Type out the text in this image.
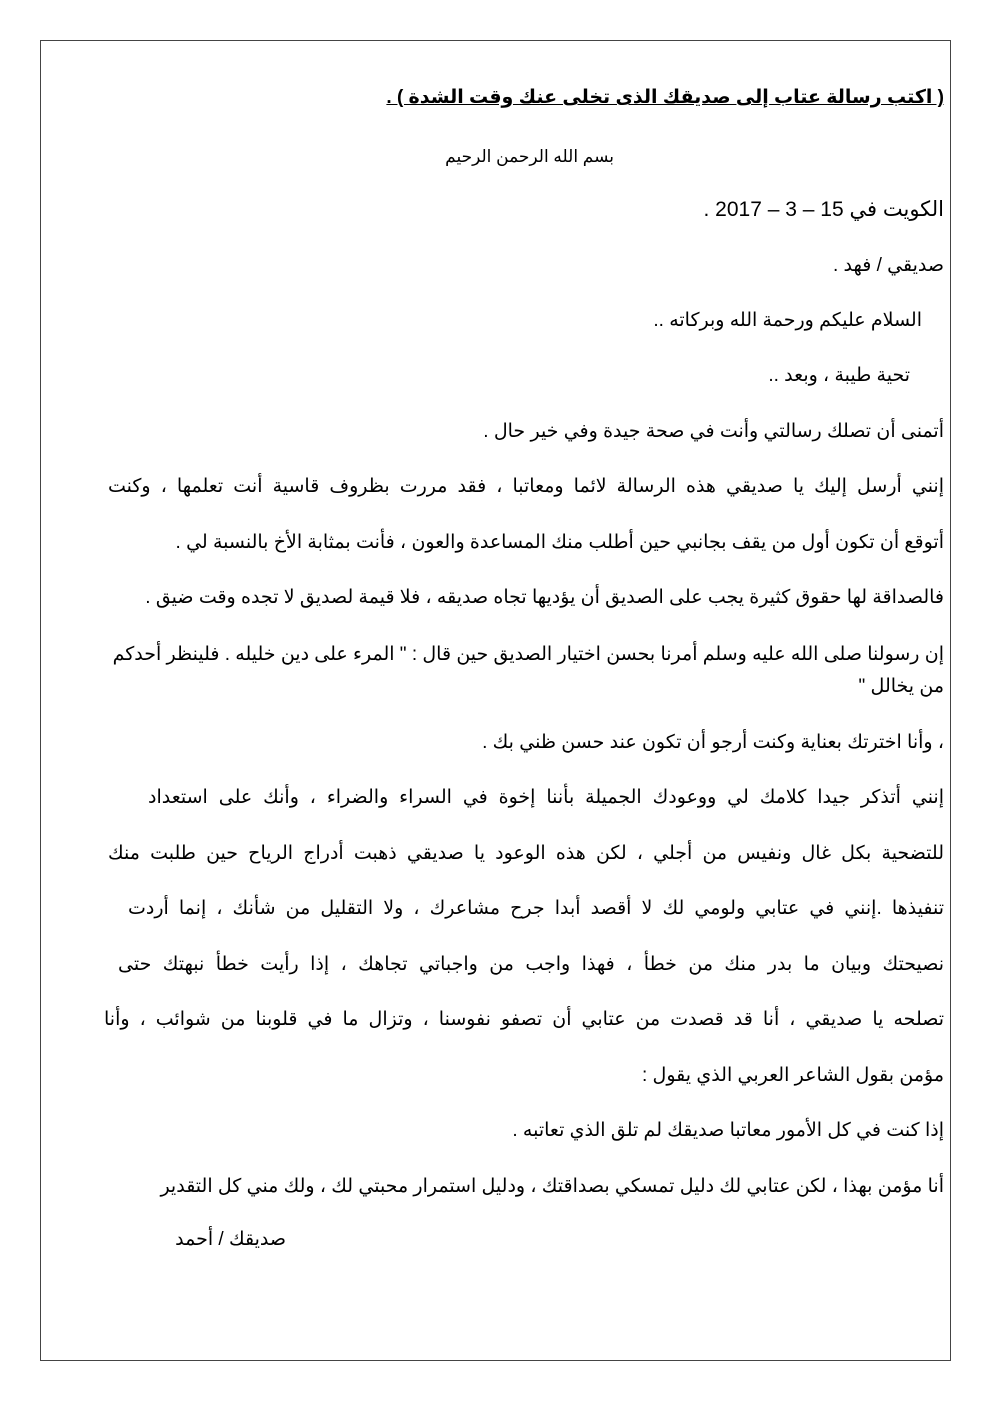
( اكتب رسالة عتاب إلى صديقك الذى تخلى عنك وقت الشدة ) .
بسم الله الرحمن الرحيم
الكويت في 15 – 3 – 2017 .
صديقي / فهد .
السلام عليكم ورحمة الله وبركاته ..
تحية طيبة ، وبعد ..
أتمنى أن تصلك رسالتي وأنت في صحة جيدة وفي خير حال .
إنني أرسل إليك يا صديقي هذه الرسالة لائما ومعاتبا ، فقد مررت بظروف قاسية أنت تعلمها ، وكنت
أتوقع أن تكون أول من يقف بجانبي حين أطلب منك المساعدة والعون ، فأنت بمثابة الأخ بالنسبة لي .
فالصداقة لها حقوق كثيرة يجب على الصديق أن يؤديها تجاه صديقه ، فلا قيمة لصديق لا تجده وقت ضيق .
إن رسولنا صلى الله عليه وسلم أمرنا بحسن اختيار الصديق حين قال : " المرء على دين خليله . فلينظر أحدكم
من يخالل "
، وأنا اخترتك بعناية وكنت أرجو أن تكون عند حسن ظني بك .
إنني أتذكر جيدا كلامك لي ووعودك الجميلة بأننا إخوة في السراء والضراء ، وأنك على استعداد
للتضحية بكل غال ونفيس من أجلي ، لكن هذه الوعود يا صديقي ذهبت أدراج الرياح حين طلبت منك
تنفيذها .إنني في عتابي ولومي لك لا أقصد أبدا جرح مشاعرك ، ولا التقليل من شأنك ، إنما أردت
نصيحتك وبيان ما بدر منك من خطأ ، فهذا واجب من واجباتي تجاهك ، إذا رأيت خطأ نبهتك حتى
تصلحه يا صديقي ، أنا قد قصدت من عتابي أن تصفو نفوسنا ، وتزال ما في قلوبنا من شوائب ، وأنا
مؤمن بقول الشاعر العربي الذي يقول :
إذا كنت في كل الأمور معاتبا صديقك لم تلق الذي تعاتبه .
أنا مؤمن بهذا ، لكن عتابي لك دليل تمسكي بصداقتك ، ودليل استمرار محبتي لك ، ولك مني كل التقدير
صديقك / أحمد
